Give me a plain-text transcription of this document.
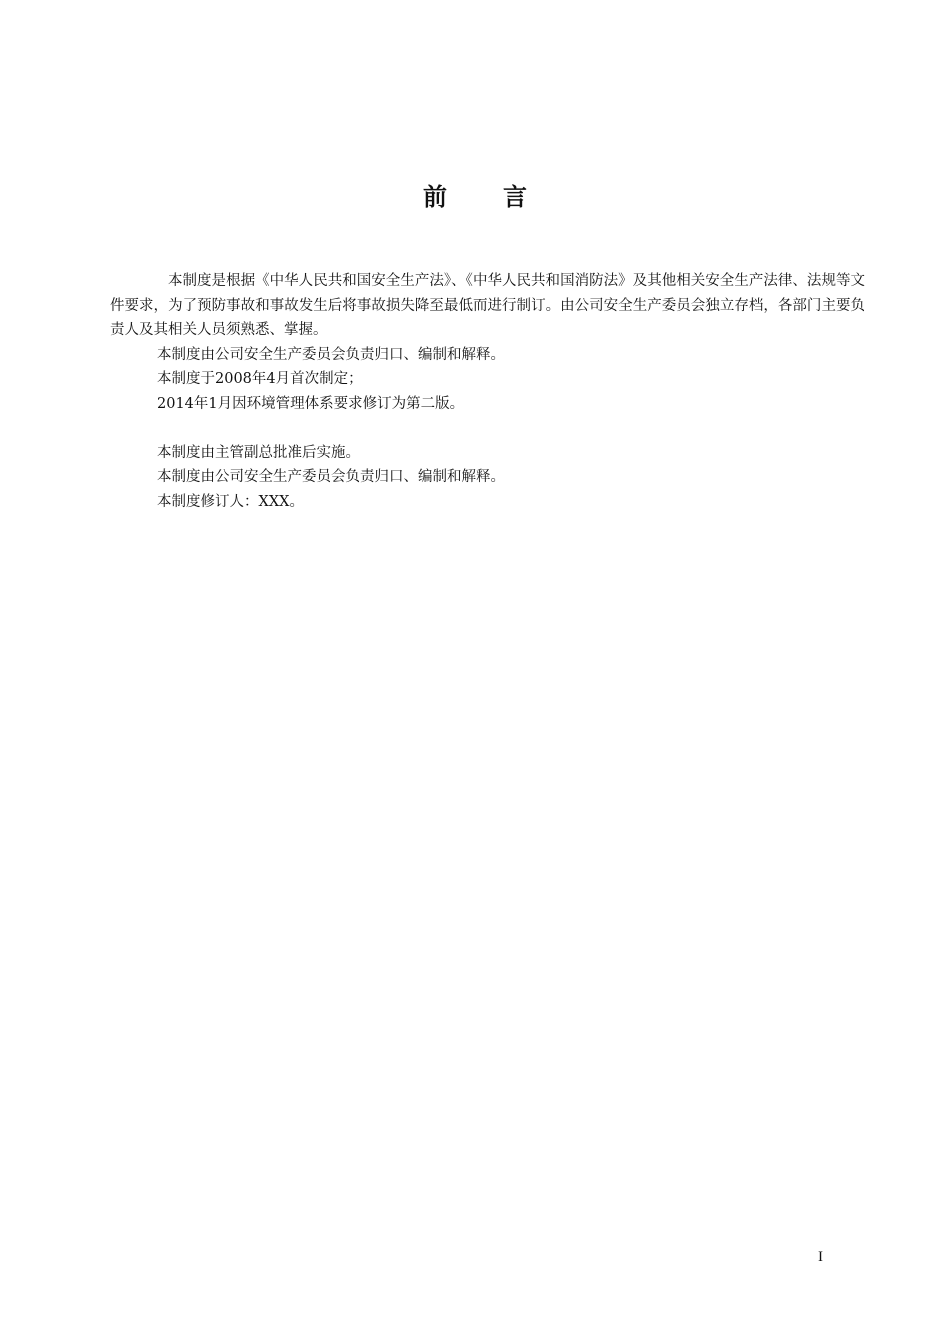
前言

本制度是根据《中华人民共和国安全生产法》、《中华人民共和国消防法》及其他相关安全生产法律、法规等文件要求，为了预防事故和事故发生后将事故损失降至最低而进行制订。由公司安全生产委员会独立存档，各部门主要负责人及其相关人员须熟悉、掌握。

本制度由公司安全生产委员会负责归口、编制和解释。

本制度于2008年4月首次制定；

2014年1月因环境管理体系要求修订为第二版。

本制度由主管副总批准后实施。

本制度由公司安全生产委员会负责归口、编制和解释。

本制度修订人：XXX。

I
